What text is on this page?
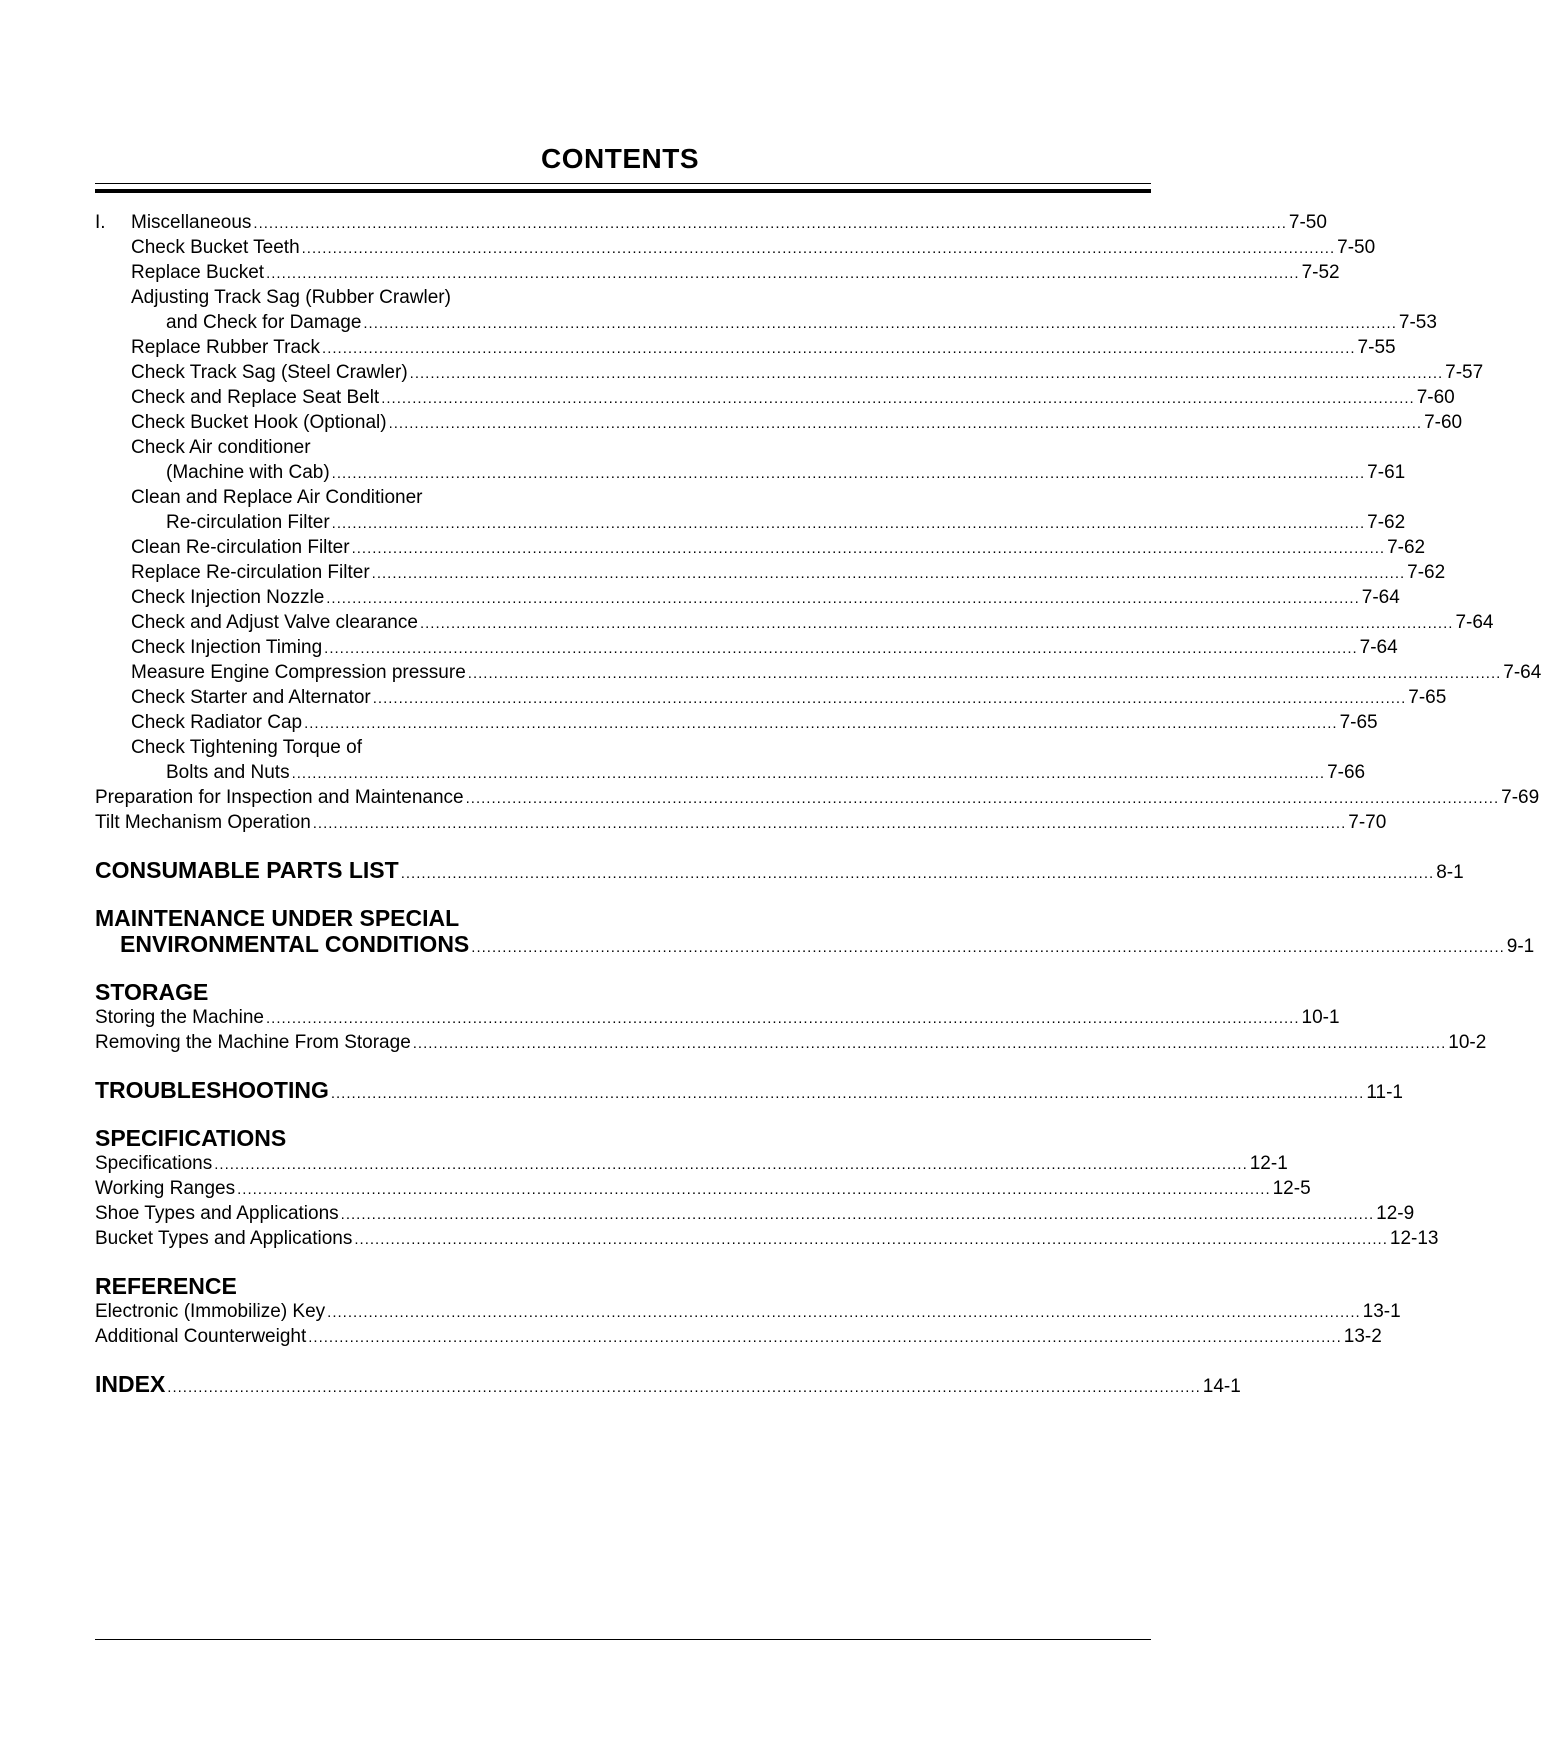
CONTENTS
I. Miscellaneous ........................................................................................................................................................................................................ 7-50
Check Bucket Teeth ........................................................................................................................................................................................................ 7-50
Replace Bucket ........................................................................................................................................................................................................ 7-52
Adjusting Track Sag (Rubber Crawler)
and Check for Damage ........................................................................................................................................................................................................ 7-53
Replace Rubber Track ........................................................................................................................................................................................................ 7-55
Check Track Sag (Steel Crawler) ........................................................................................................................................................................................................ 7-57
Check and Replace Seat Belt ........................................................................................................................................................................................................ 7-60
Check Bucket Hook (Optional) ........................................................................................................................................................................................................ 7-60
Check Air conditioner
(Machine with Cab) ........................................................................................................................................................................................................ 7-61
Clean and Replace Air Conditioner
Re-circulation Filter ........................................................................................................................................................................................................ 7-62
Clean Re-circulation Filter ........................................................................................................................................................................................................ 7-62
Replace Re-circulation Filter ........................................................................................................................................................................................................ 7-62
Check Injection Nozzle ........................................................................................................................................................................................................ 7-64
Check and Adjust Valve clearance ........................................................................................................................................................................................................ 7-64
Check Injection Timing ........................................................................................................................................................................................................ 7-64
Measure Engine Compression pressure ........................................................................................................................................................................................................ 7-64
Check Starter and Alternator ........................................................................................................................................................................................................ 7-65
Check Radiator Cap ........................................................................................................................................................................................................ 7-65
Check Tightening Torque of
Bolts and Nuts ........................................................................................................................................................................................................ 7-66
Preparation for Inspection and Maintenance ........................................................................................................................................................................................................ 7-69
Tilt Mechanism Operation ........................................................................................................................................................................................................ 7-70
CONSUMABLE PARTS LIST ........................................................................................................................................................................................................ 8-1
MAINTENANCE UNDER SPECIAL
ENVIRONMENTAL CONDITIONS ........................................................................................................................................................................................................ 9-1
STORAGE
Storing the Machine ........................................................................................................................................................................................................ 10-1
Removing the Machine From Storage ........................................................................................................................................................................................................ 10-2
TROUBLESHOOTING ........................................................................................................................................................................................................ 11-1
SPECIFICATIONS
Specifications ........................................................................................................................................................................................................ 12-1
Working Ranges ........................................................................................................................................................................................................ 12-5
Shoe Types and Applications ........................................................................................................................................................................................................ 12-9
Bucket Types and Applications ........................................................................................................................................................................................................ 12-13
REFERENCE
Electronic (Immobilize) Key ........................................................................................................................................................................................................ 13-1
Additional Counterweight ........................................................................................................................................................................................................ 13-2
INDEX ........................................................................................................................................................................................................ 14-1
